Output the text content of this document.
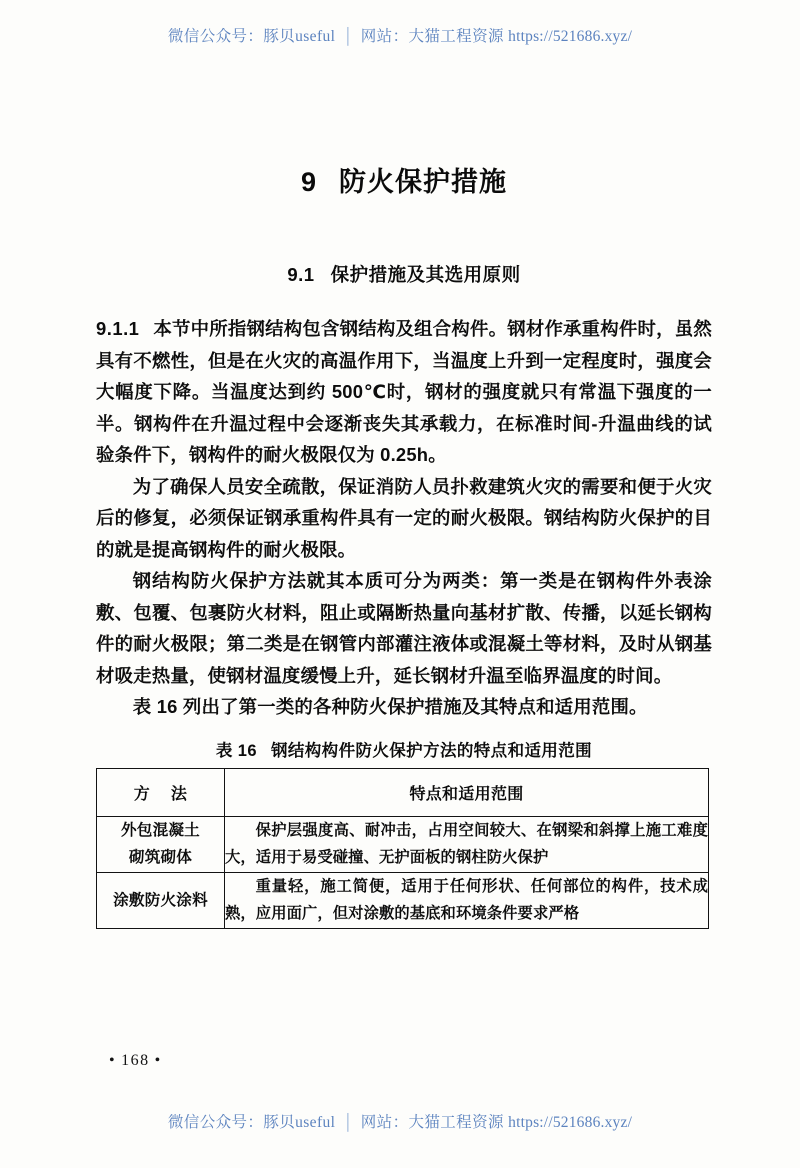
微信公众号：豚贝useful │ 网站：大猫工程资源 https://521686.xyz/
9 防火保护措施
9.1 保护措施及其选用原则

9.1.1 本节中所指钢结构包含钢结构及组合构件。钢材作承重构件时，虽然具有不燃性，但是在火灾的高温作用下，当温度上升到一定程度时，强度会大幅度下降。当温度达到约 500℃时，钢材的强度就只有常温下强度的一半。钢构件在升温过程中会逐渐丧失其承载力，在标准时间-升温曲线的试验条件下，钢构件的耐火极限仅为 0.25h。

为了确保人员安全疏散，保证消防人员扑救建筑火灾的需要和便于火灾后的修复，必须保证钢承重构件具有一定的耐火极限。钢结构防火保护的目的就是提高钢构件的耐火极限。

钢结构防火保护方法就其本质可分为两类：第一类是在钢构件外表涂敷、包覆、包裹防火材料，阻止或隔断热量向基材扩散、传播，以延长钢构件的耐火极限；第二类是在钢管内部灌注液体或混凝土等材料，及时从钢基材吸走热量，使钢材温度缓慢上升，延长钢材升温至临界温度的时间。

表 16 列出了第一类的各种防火保护措施及其特点和适用范围。

表 16 钢结构构件防火保护方法的特点和适用范围

方 法	特点和适用范围

外包混凝土
砌筑砌体	保护层强度高、耐冲击，占用空间较大、在钢梁和斜撑上施工难度大，适用于易受碰撞、无护面板的钢柱防火保护

涂敷防火涂料	重量轻，施工简便，适用于任何形状、任何部位的构件，技术成熟，应用面广，但对涂敷的基底和环境条件要求严格
• 168 •
微信公众号：豚贝useful │ 网站：大猫工程资源 https://521686.xyz/
